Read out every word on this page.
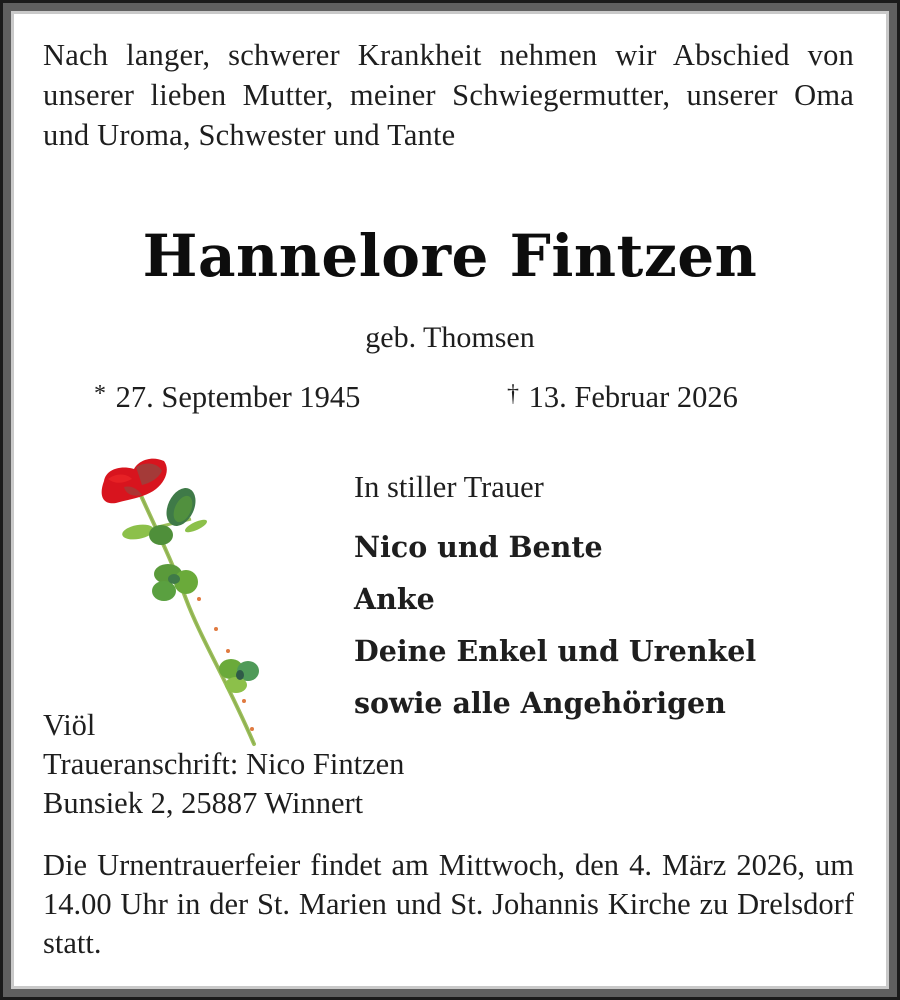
Nach langer, schwerer Krankheit nehmen wir Abschied von unserer lieben Mutter, meiner Schwiegermutter, unserer Oma und Uroma, Schwester und Tante

Hannelore Fintzen
geb. Thomsen
* 27. September 1945	† 13. Februar 2026
In stiller Trauer
Nico und Bente
Anke
Deine Enkel und Urenkel
sowie alle Angehörigen
Viöl
Traueranschrift: Nico Fintzen
Bunsiek 2, 25887 Winnert

Die Urnentrauerfeier findet am Mittwoch, den 4. März 2026, um 14.00 Uhr in der St. Marien und St. Johannis Kirche zu Drelsdorf statt.
